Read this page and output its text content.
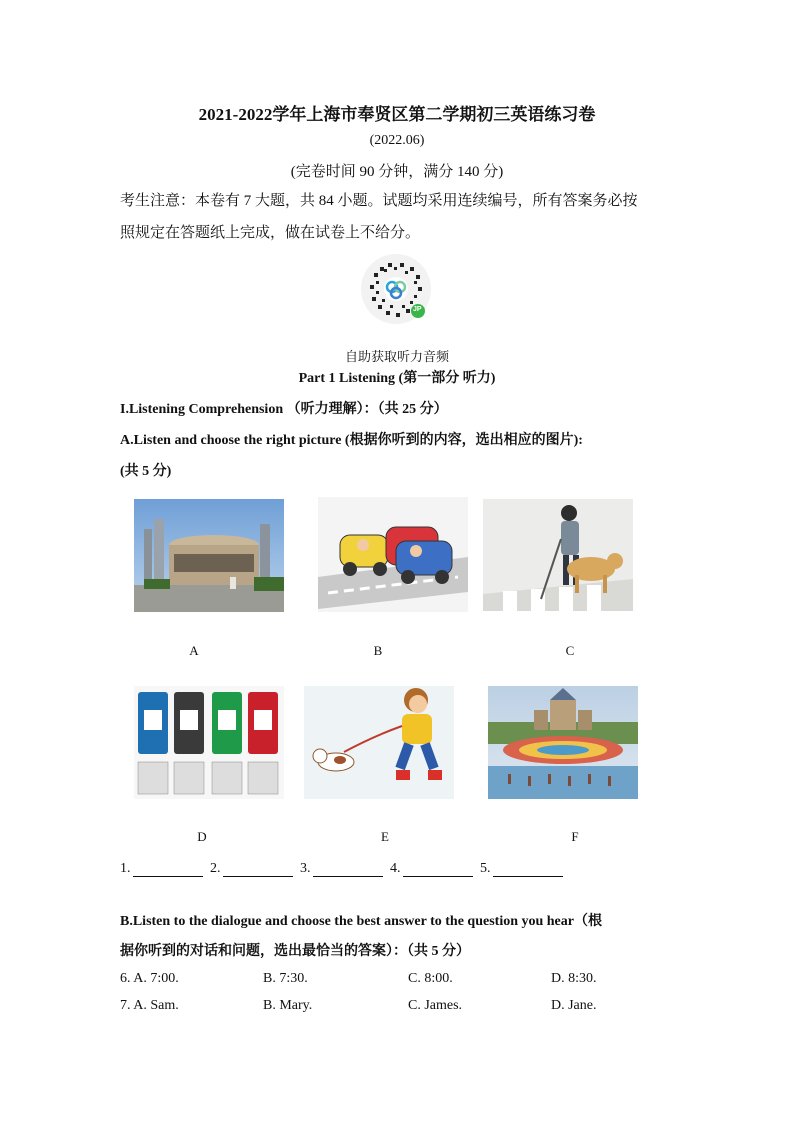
2021-2022学年上海市奉贤区第二学期初三英语练习卷
(2022.06)
(完卷时间 90 分钟，满分 140 分)
考生注意：本卷有 7 大题，共 84 小题。试题均采用连续编号，所有答案务必按
照规定在答题纸上完成，做在试卷上不给分。
JP
自助获取听力音频
Part 1 Listening (第一部分 听力)
I.Listening Comprehension （听力理解）：（共 25 分）
A.Listen and choose the right picture (根据你听到的内容，选出相应的图片):
(共 5 分)
A	B	C
D	E	F
1.	2.	3.	4.	5.
B.Listen to the dialogue and choose the best answer to the question you hear（根
据你听到的对话和问题，选出最恰当的答案）：（共 5 分）
6. A. 7:00.	B. 7:30.	C. 8:00.	D. 8:30.
7. A. Sam.	B. Mary.	C. James.	D. Jane.
